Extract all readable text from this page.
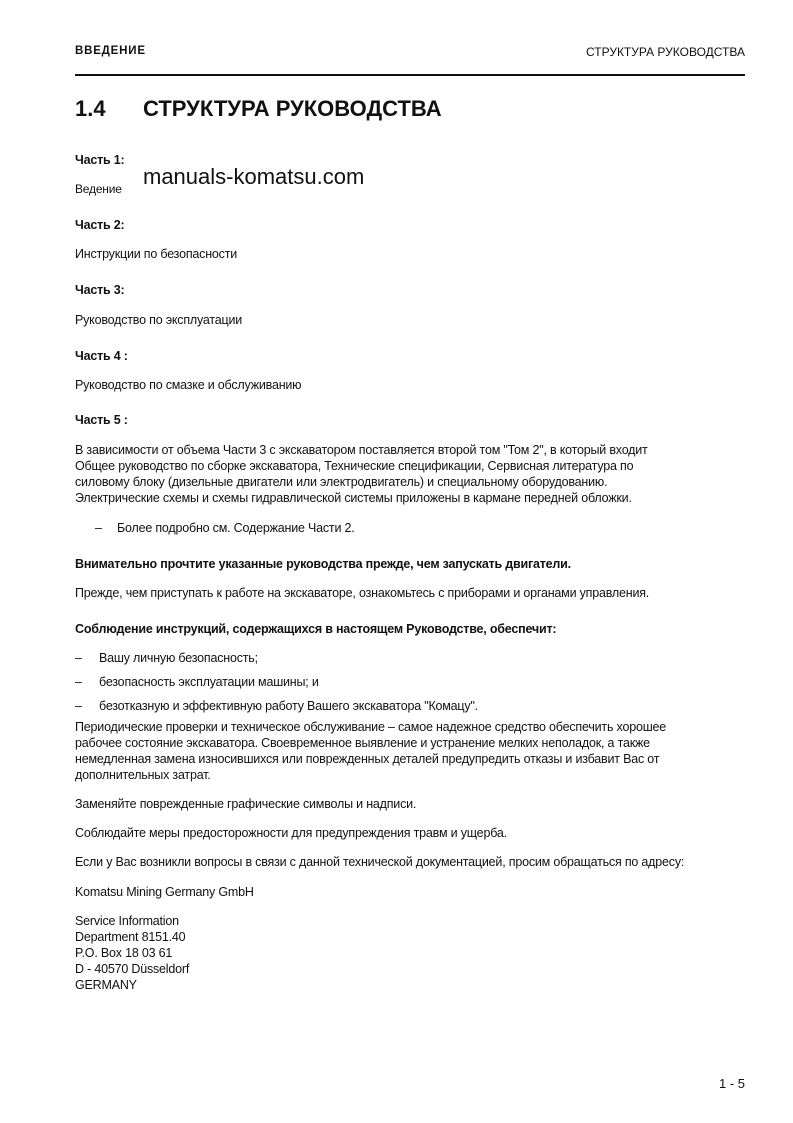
ВВЕДЕНИЕ	СТРУКТУРА РУКОВОДСТВА
1.4 СТРУКТУРА РУКОВОДСТВА
Часть 1:
Ведение manuals-komatsu.com
Часть 2:
Инструкции по безопасности
Часть 3:
Руководство по эксплуатации
Часть 4 :
Руководство по смазке и обслуживанию
Часть 5 :
В зависимости от объема Части 3 с экскаватором поставляется второй том "Том 2", в который входит
Общее руководство по сборке экскаватора, Технические спецификации, Сервисная литература по
силовому блоку (дизельные двигатели или электродвигатель) и специальному оборудованию.
Электрические схемы и схемы гидравлической системы приложены в кармане передней обложки.
– Более подробно см. Содержание Части 2.
Внимательно прочтите указанные руководства прежде, чем запускать двигатели.
Прежде, чем приступать к работе на экскаваторе, ознакомьтесь с приборами и органами управления.
Соблюдение инструкций, содержащихся в настоящем Руководстве, обеспечит:
– Вашу личную безопасность;
– безопасность эксплуатации машины; и
– безотказную и эффективную работу Вашего экскаватора "Комацу".
Периодические проверки и техническое обслуживание – самое надежное средство обеспечить хорошее
рабочее состояние экскаватора. Своевременное выявление и устранение мелких неполадок, а также
немедленная замена износившихся или поврежденных деталей предупредить отказы и избавит Вас от
дополнительных затрат.
Заменяйте поврежденные графические символы и надписи.
Соблюдайте меры предосторожности для предупреждения травм и ущерба.
Если у Вас возникли вопросы в связи с данной технической документацией, просим обращаться по адресу:
Komatsu Mining Germany GmbH
Service Information
Department 8151.40
P.O. Box 18 03 61
D - 40570 Düsseldorf
GERMANY
1 - 5
